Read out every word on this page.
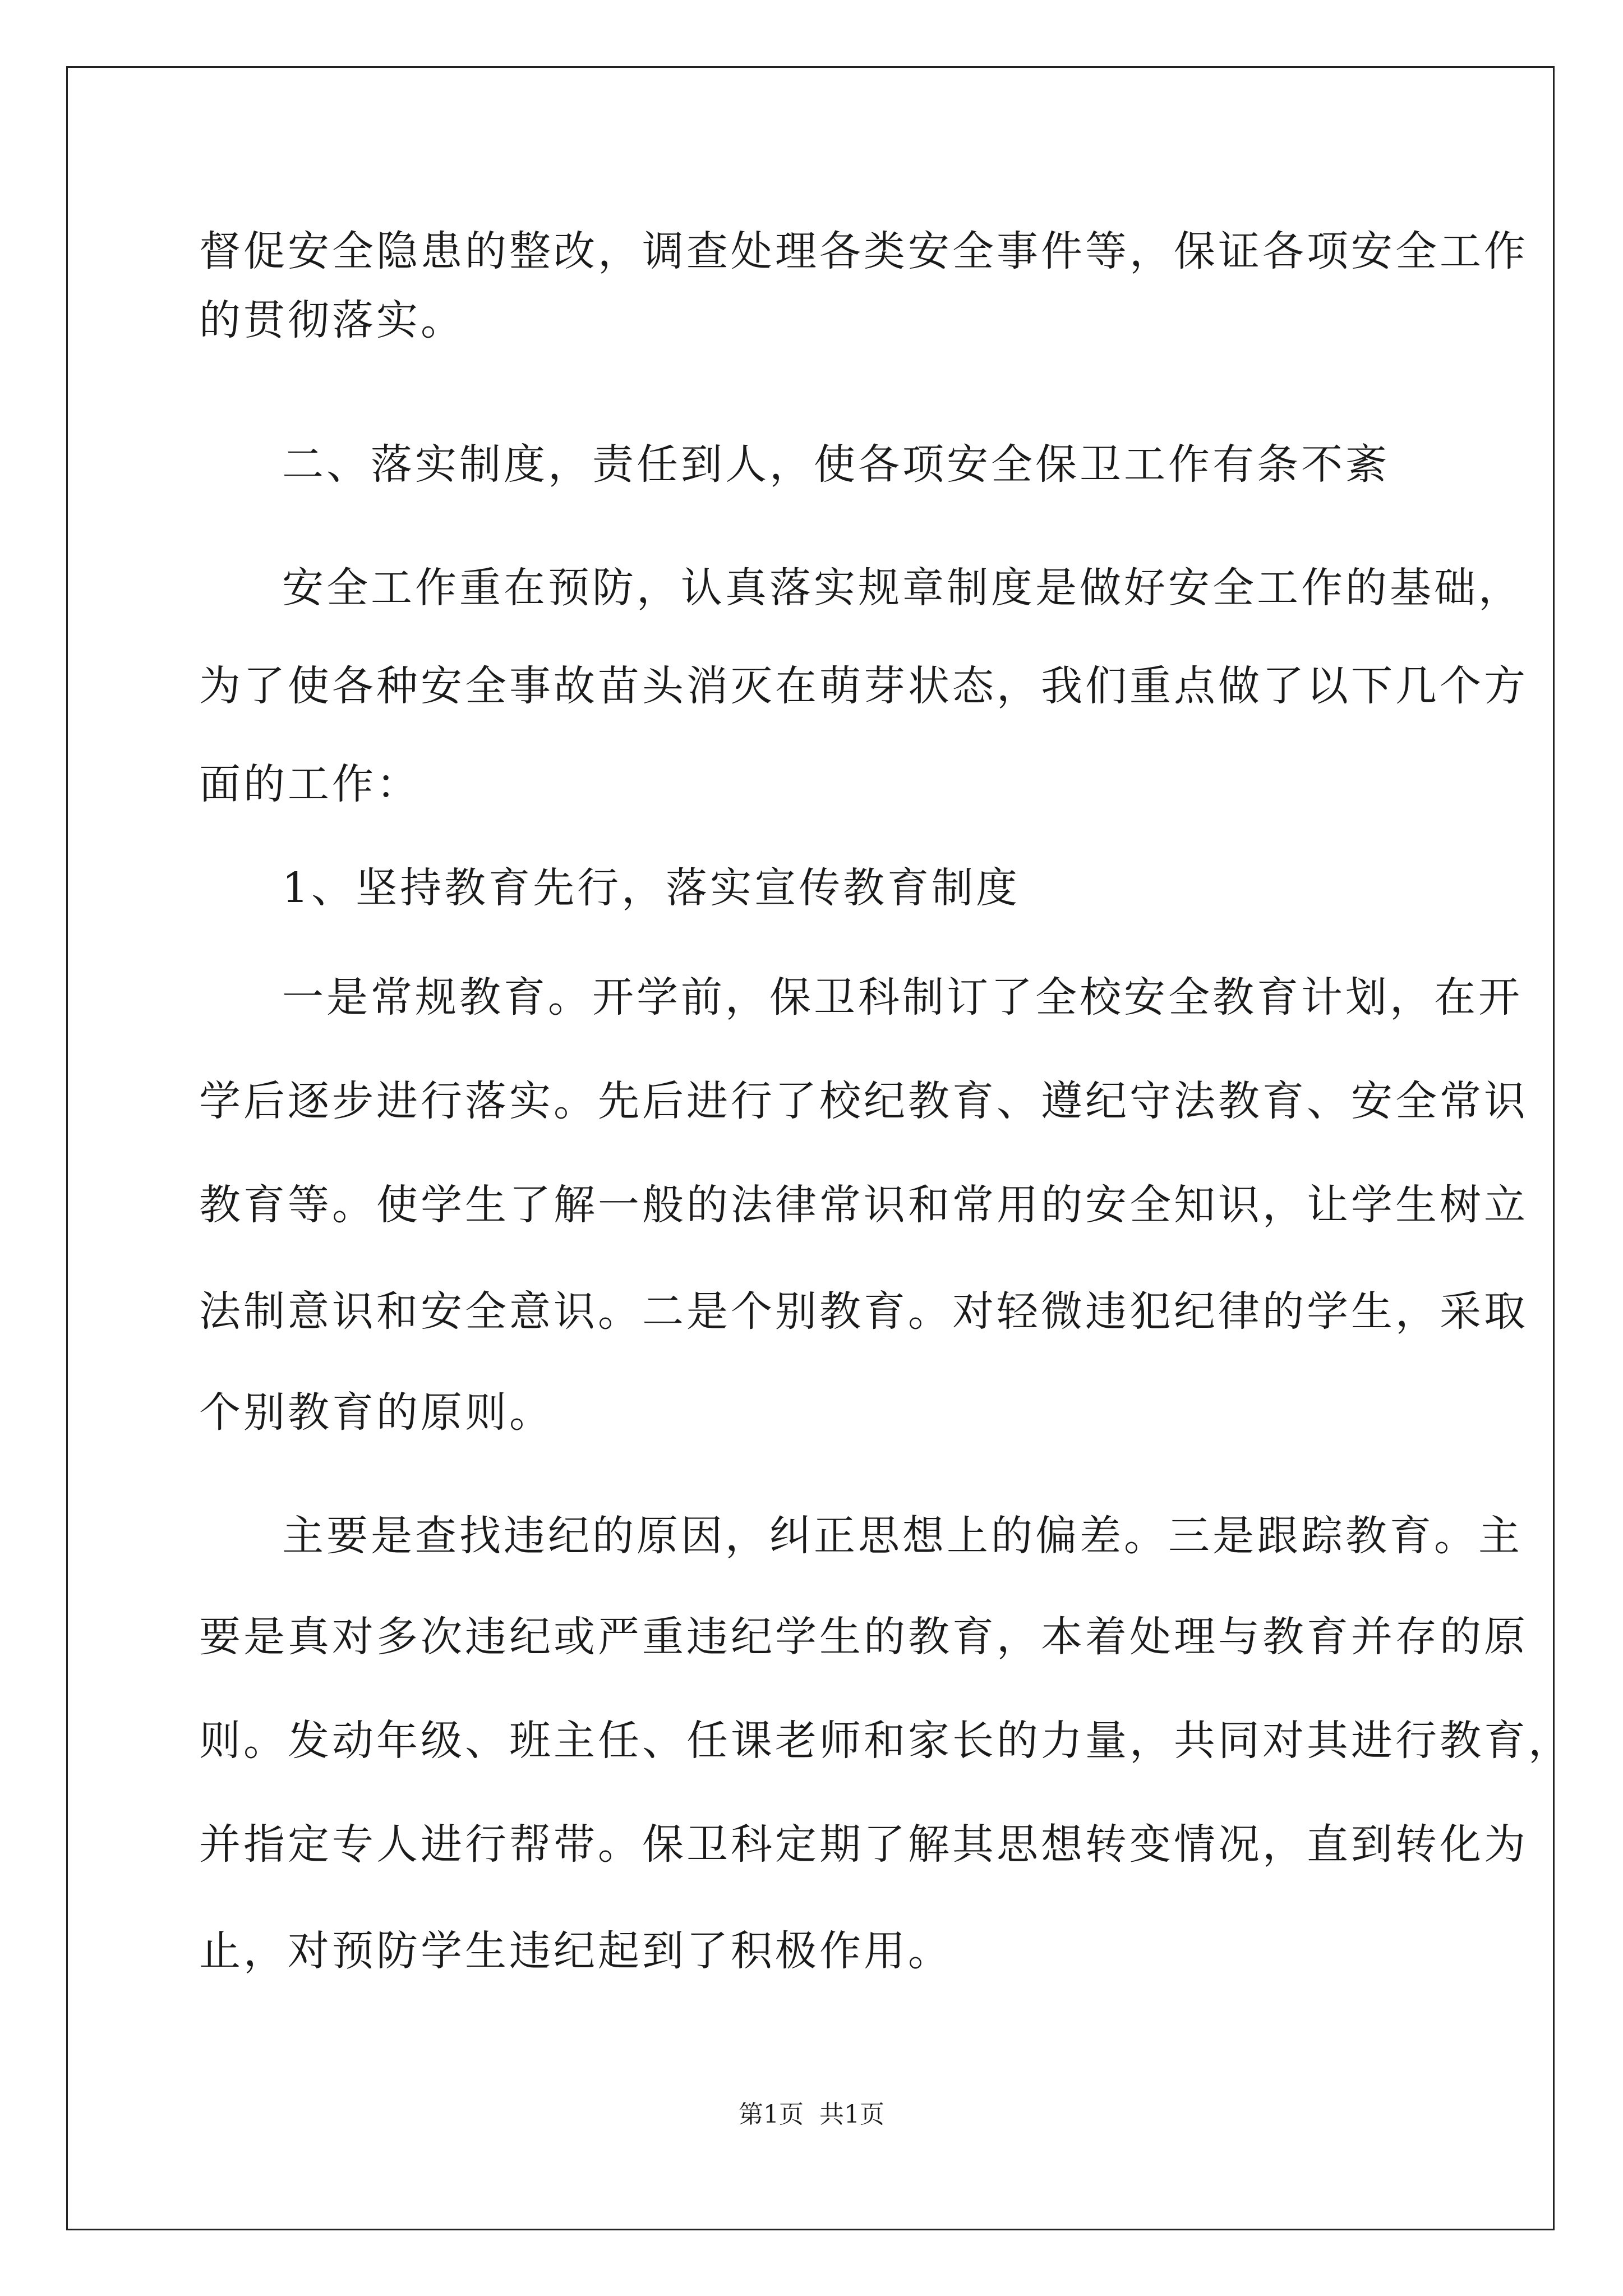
督促安全隐患的整改，调查处理各类安全事件等，保证各项安全工作
的贯彻落实。
二、落实制度，责任到人，使各项安全保卫工作有条不紊
安全工作重在预防，认真落实规章制度是做好安全工作的基础，
为了使各种安全事故苗头消灭在萌芽状态，我们重点做了以下几个方
面的工作：
1、坚持教育先行，落实宣传教育制度
一是常规教育。开学前，保卫科制订了全校安全教育计划，在开
学后逐步进行落实。先后进行了校纪教育、遵纪守法教育、安全常识
教育等。使学生了解一般的法律常识和常用的安全知识，让学生树立
法制意识和安全意识。二是个别教育。对轻微违犯纪律的学生，采取
个别教育的原则。
主要是查找违纪的原因，纠正思想上的偏差。三是跟踪教育。主
要是真对多次违纪或严重违纪学生的教育，本着处理与教育并存的原
则。发动年级、班主任、任课老师和家长的力量，共同对其进行教育，
并指定专人进行帮带。保卫科定期了解其思想转变情况，直到转化为
止，对预防学生违纪起到了积极作用。
第1页 共1页
